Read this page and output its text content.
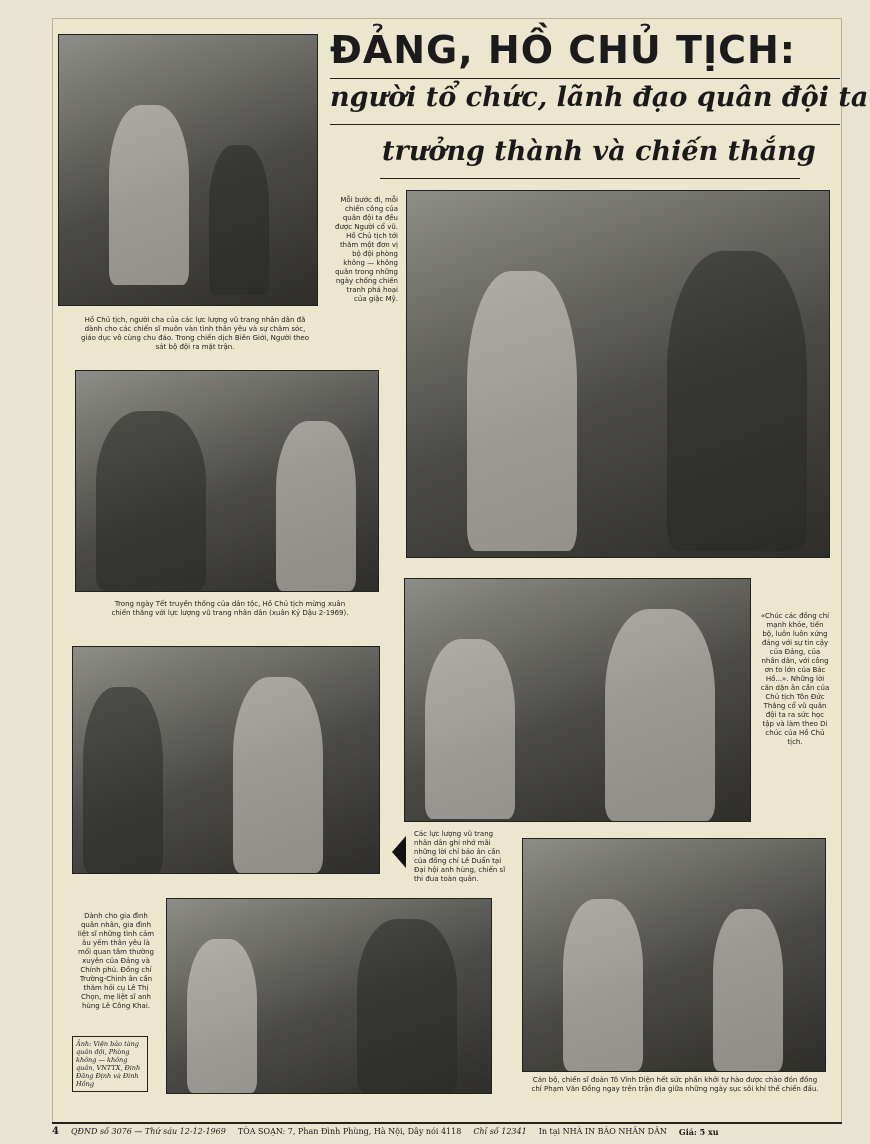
ĐẢNG, HỒ CHỦ TỊCH:
người tổ chức, lãnh đạo quân đội ta
trưởng thành và chiến thắng
Hồ Chủ tịch, người cha của các lực lượng vũ trang nhân dân đã dành cho các chiến sĩ muôn vàn tình thân yêu và sự chăm sóc, giáo dục vô cùng chu đáo. Trong chiến dịch Biên Giới, Người theo sát bộ đội ra mặt trận.
Mỗi bước đi, mỗi chiến công của quân đội ta đều được Người cổ vũ. Hồ Chủ tịch tới thăm một đơn vị bộ đội phòng không — không quân trong những ngày chống chiến tranh phá hoại của giặc Mỹ.
Trong ngày Tết truyền thống của dân tộc, Hồ Chủ tịch mừng xuân chiến thắng với lực lượng vũ trang nhân dân (xuân Kỷ Dậu 2-1969).	«Chúc các đồng chí mạnh khỏe, tiến bộ, luôn luôn xứng đáng với sự tin cậy của Đảng, của nhân dân, với công ơn to lớn của Bác Hồ...». Những lời căn dặn ân cần của Chủ tịch Tôn Đức Thắng cổ vũ quân đội ta ra sức học tập và làm theo Di chúc của Hồ Chủ tịch.
Các lực lượng vũ trang nhân dân ghi nhớ mãi những lời chỉ bảo ân cần của đồng chí Lê Duẩn tại Đại hội anh hùng, chiến sĩ thi đua toàn quân.
Dành cho gia đình quân nhân, gia đình liệt sĩ những tình cảm âu yếm thân yêu là mối quan tâm thường xuyên của Đảng và Chính phủ. Đồng chí Trường-Chinh ân cần thăm hỏi cụ Lê Thị Chọn, mẹ liệt sĩ anh hùng Lê Công Khai.
Ảnh: Viện bảo tàng quân đội, Phòng không — không quân, VNTTX, Đinh Đăng Định và Đinh Hồng	Cán bộ, chiến sĩ đoàn Tô Vĩnh Diện hết sức phấn khởi tự hào được chào đón đồng chí Phạm Văn Đồng ngay trên trận địa giữa những ngày sục sôi khí thế chiến đấu.
4 QĐND số 3076 — Thứ sáu 12-12-1969 TÒA SOẠN: 7, Phan Đình Phùng, Hà Nội, Dây nói 4118 Chỉ số 12341 In tại NHÀ IN BÁO NHÂN DÂN Giá: 5 xu
